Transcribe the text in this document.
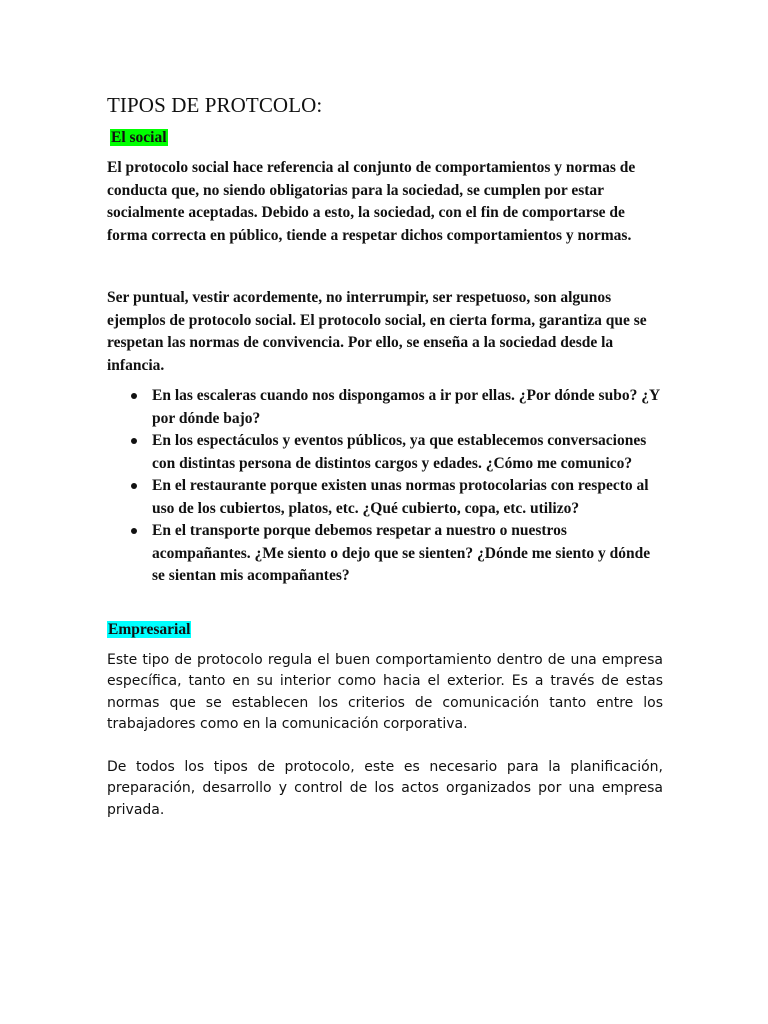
TIPOS DE PROTCOLO:
El social

El protocolo social hace referencia al conjunto de comportamientos y normas de conducta que, no siendo obligatorias para la sociedad, se cumplen por estar socialmente aceptadas. Debido a esto, la sociedad, con el fin de comportarse de forma correcta en público, tiende a respetar dichos comportamientos y normas.

Ser puntual, vestir acordemente, no interrumpir, ser respetuoso, son algunos ejemplos de protocolo social. El protocolo social, en cierta forma, garantiza que se respetan las normas de convivencia. Por ello, se enseña a la sociedad desde la infancia.

En las escaleras cuando nos dispongamos a ir por ellas. ¿Por dónde subo? ¿Y por dónde bajo?
En los espectáculos y eventos públicos, ya que establecemos conversaciones con distintas persona de distintos cargos y edades. ¿Cómo me comunico?
En el restaurante porque existen unas normas protocolarias con respecto al uso de los cubiertos, platos, etc. ¿Qué cubierto, copa, etc. utilizo?
En el transporte porque debemos respetar a nuestro o nuestros acompañantes. ¿Me siento o dejo que se sienten? ¿Dónde me siento y dónde se sientan mis acompañantes?
Empresarial

Este tipo de protocolo regula el buen comportamiento dentro de una empresa específica, tanto en su interior como hacia el exterior. Es a través de estas normas que se establecen los criterios de comunicación tanto entre los trabajadores como en la comunicación corporativa.

De todos los tipos de protocolo, este es necesario para la planificación, preparación, desarrollo y control de los actos organizados por una empresa privada.
